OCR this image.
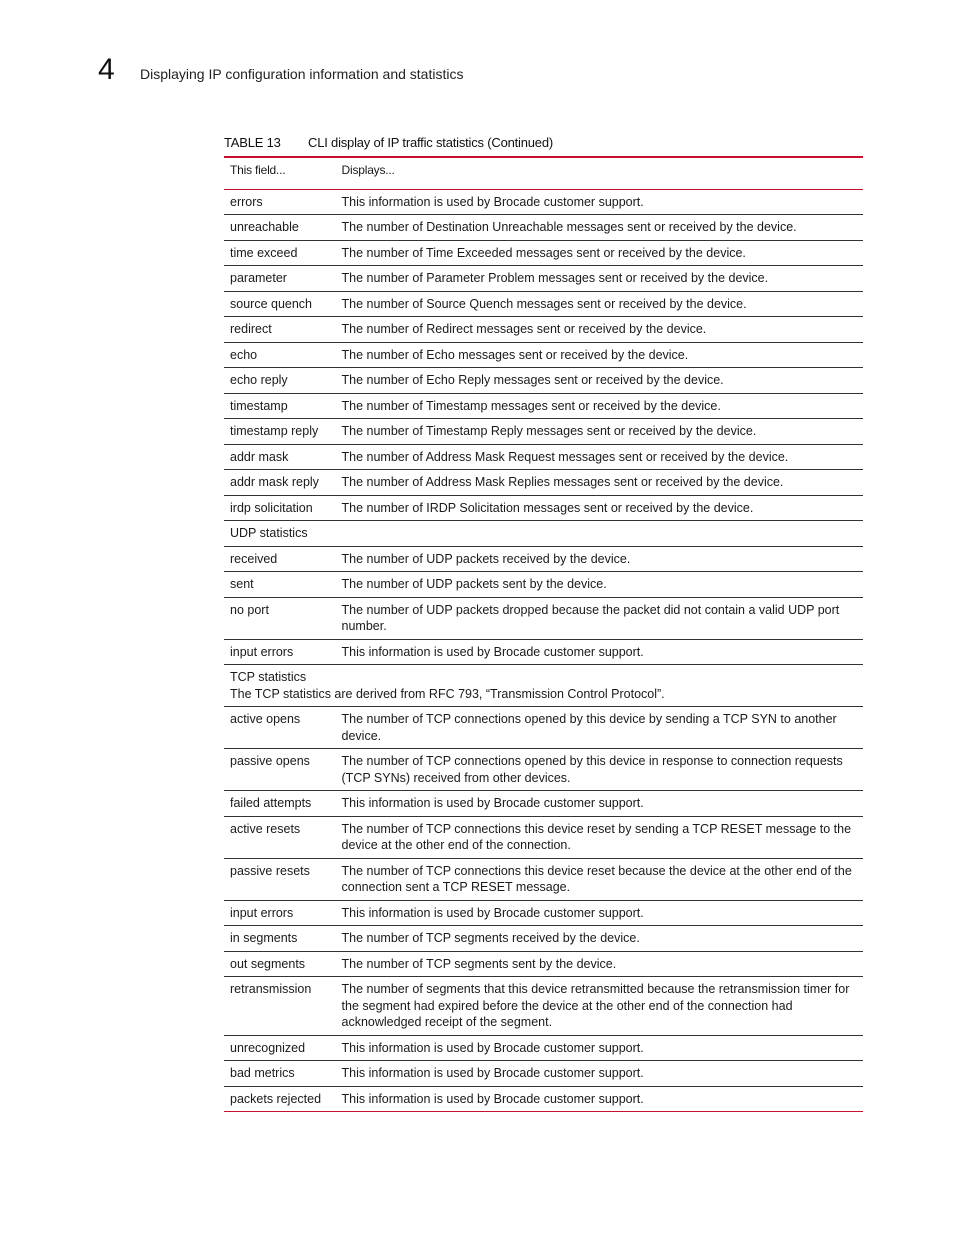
4 Displaying IP configuration information and statistics
TABLE 13 CLI display of IP traffic statistics (Continued)
This field...	Displays...
errors	This information is used by Brocade customer support.
unreachable	The number of Destination Unreachable messages sent or received by the device.
time exceed	The number of Time Exceeded messages sent or received by the device.
parameter	The number of Parameter Problem messages sent or received by the device.
source quench	The number of Source Quench messages sent or received by the device.
redirect	The number of Redirect messages sent or received by the device.
echo	The number of Echo messages sent or received by the device.
echo reply	The number of Echo Reply messages sent or received by the device.
timestamp	The number of Timestamp messages sent or received by the device.
timestamp reply	The number of Timestamp Reply messages sent or received by the device.
addr mask	The number of Address Mask Request messages sent or received by the device.
addr mask reply	The number of Address Mask Replies messages sent or received by the device.
irdp solicitation	The number of IRDP Solicitation messages sent or received by the device.
UDP statistics	
received	The number of UDP packets received by the device.
sent	The number of UDP packets sent by the device.
no port	The number of UDP packets dropped because the packet did not contain a valid UDP port number.
input errors	This information is used by Brocade customer support.

TCP statistics
The TCP statistics are derived from RFC 793, “Transmission Control Protocol”.	

active opens	The number of TCP connections opened by this device by sending a TCP SYN to another device.
passive opens	The number of TCP connections opened by this device in response to connection requests (TCP SYNs) received from other devices.
failed attempts	This information is used by Brocade customer support.
active resets	The number of TCP connections this device reset by sending a TCP RESET message to the device at the other end of the connection.
passive resets	The number of TCP connections this device reset because the device at the other end of the connection sent a TCP RESET message.
input errors	This information is used by Brocade customer support.
in segments	The number of TCP segments received by the device.
out segments	The number of TCP segments sent by the device.
retransmission	The number of segments that this device retransmitted because the retransmission timer for the segment had expired before the device at the other end of the connection had acknowledged receipt of the segment.
unrecognized	This information is used by Brocade customer support.
bad metrics	This information is used by Brocade customer support.
packets rejected	This information is used by Brocade customer support.
